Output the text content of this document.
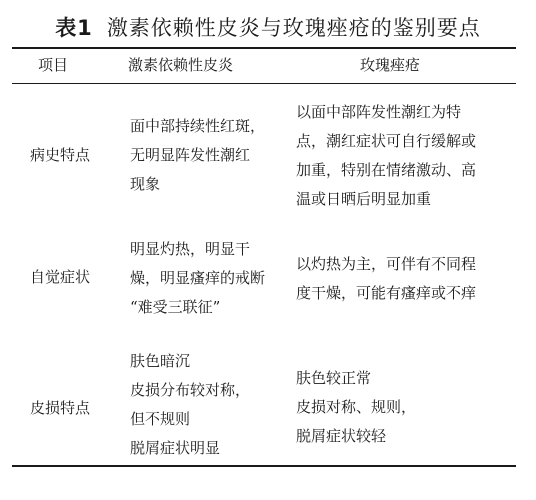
表1 激素依赖性皮炎与玫瑰痤疮的鉴别要点
项目	激素依赖性皮炎	玫瑰痤疮
病史特点
面中部持续性红斑，
无明显阵发性潮红
现象
以面中部阵发性潮红为特
点，潮红症状可自行缓解或
加重，特别在情绪激动、高
温或日晒后明显加重
自觉症状
明显灼热，明显干
燥，明显瘙痒的戒断
“难受三联征”
以灼热为主，可伴有不同程
度干燥，可能有瘙痒或不痒
皮损特点
肤色暗沉
皮损分布较对称，
但不规则
脱屑症状明显
肤色较正常
皮损对称、规则，
脱屑症状较轻
